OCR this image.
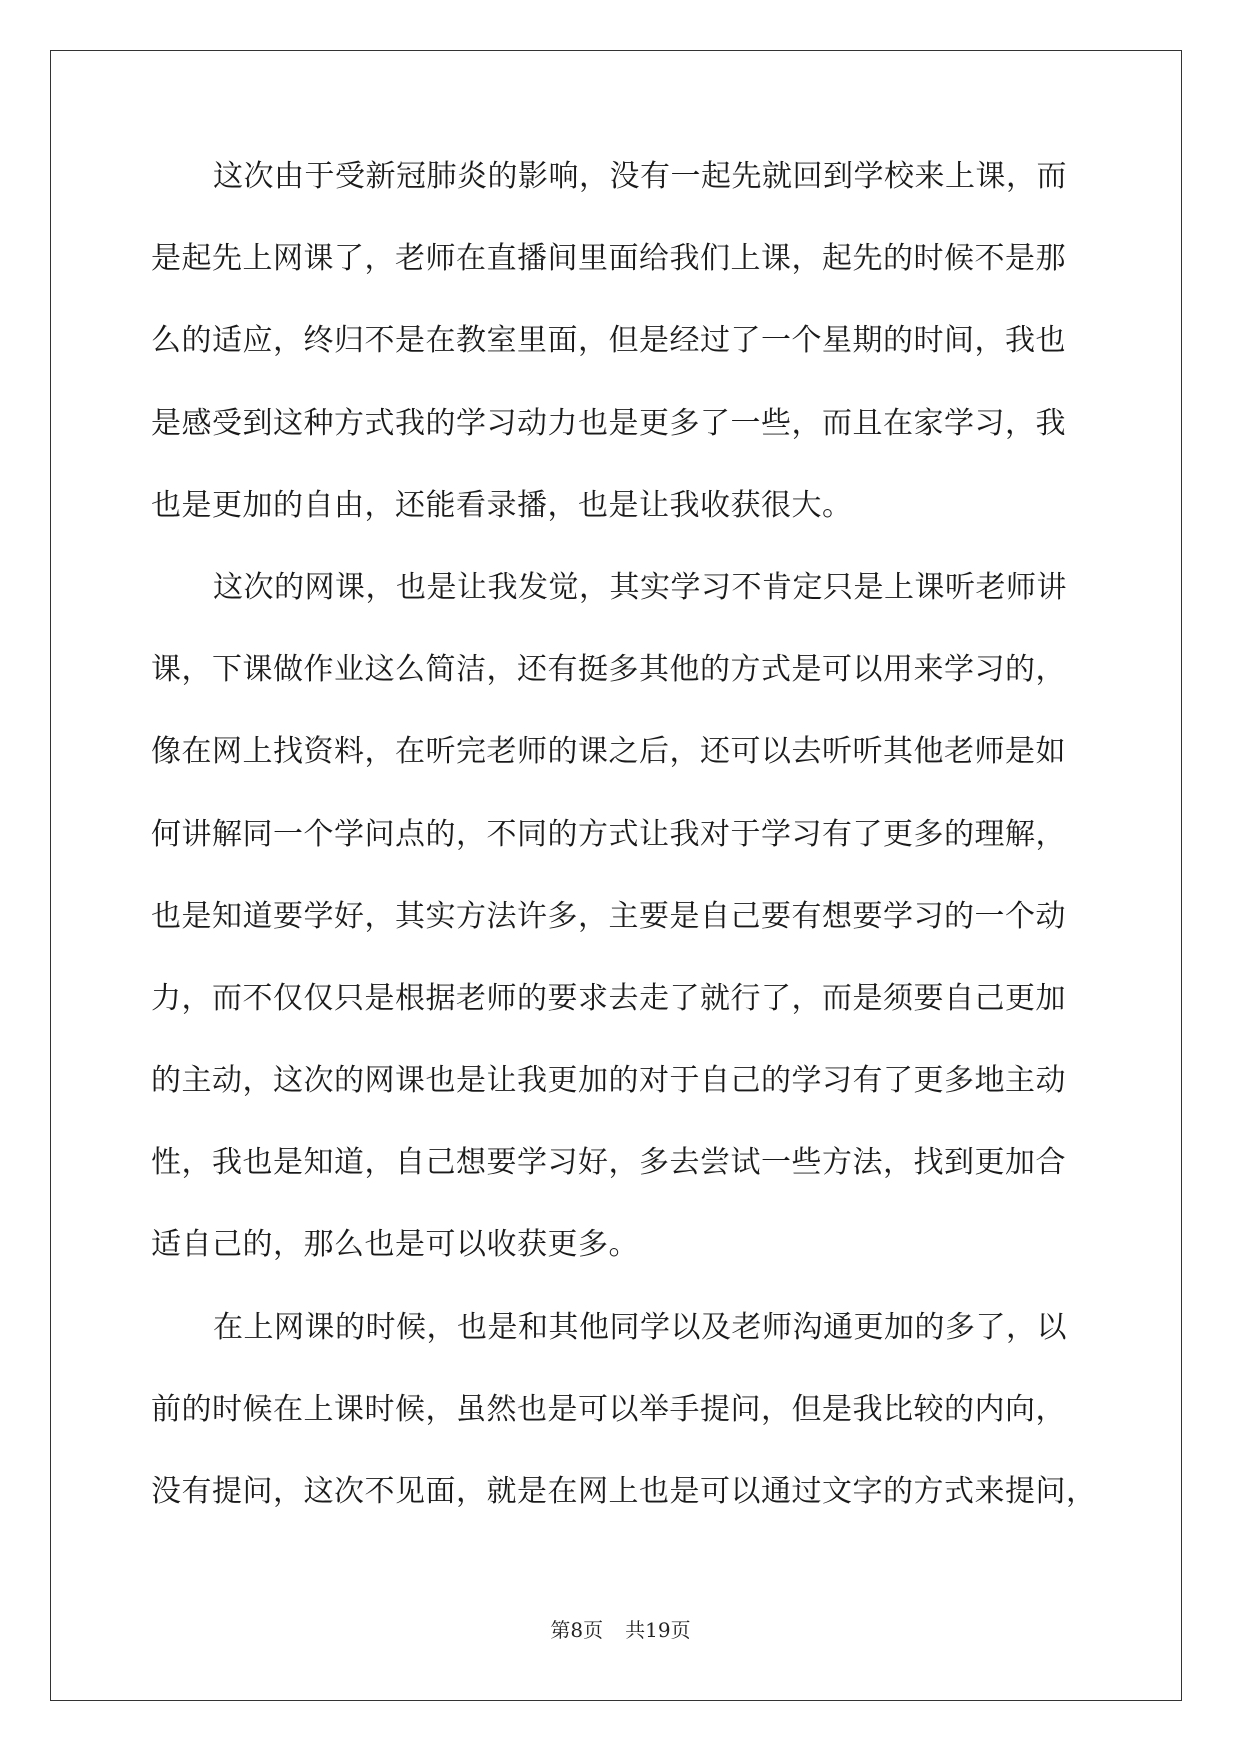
这次由于受新冠肺炎的影响，没有一起先就回到学校来上课，而
是起先上网课了，老师在直播间里面给我们上课，起先的时候不是那
么的适应，终归不是在教室里面，但是经过了一个星期的时间，我也
是感受到这种方式我的学习动力也是更多了一些，而且在家学习，我
也是更加的自由，还能看录播，也是让我收获很大。
这次的网课，也是让我发觉，其实学习不肯定只是上课听老师讲
课，下课做作业这么简洁，还有挺多其他的方式是可以用来学习的，
像在网上找资料，在听完老师的课之后，还可以去听听其他老师是如
何讲解同一个学问点的，不同的方式让我对于学习有了更多的理解，
也是知道要学好，其实方法许多，主要是自己要有想要学习的一个动
力，而不仅仅只是根据老师的要求去走了就行了，而是须要自己更加
的主动，这次的网课也是让我更加的对于自己的学习有了更多地主动
性，我也是知道，自己想要学习好，多去尝试一些方法，找到更加合
适自己的，那么也是可以收获更多。
在上网课的时候，也是和其他同学以及老师沟通更加的多了，以
前的时候在上课时候，虽然也是可以举手提问，但是我比较的内向，
没有提问，这次不见面，就是在网上也是可以通过文字的方式来提问，
第8页 共19页
